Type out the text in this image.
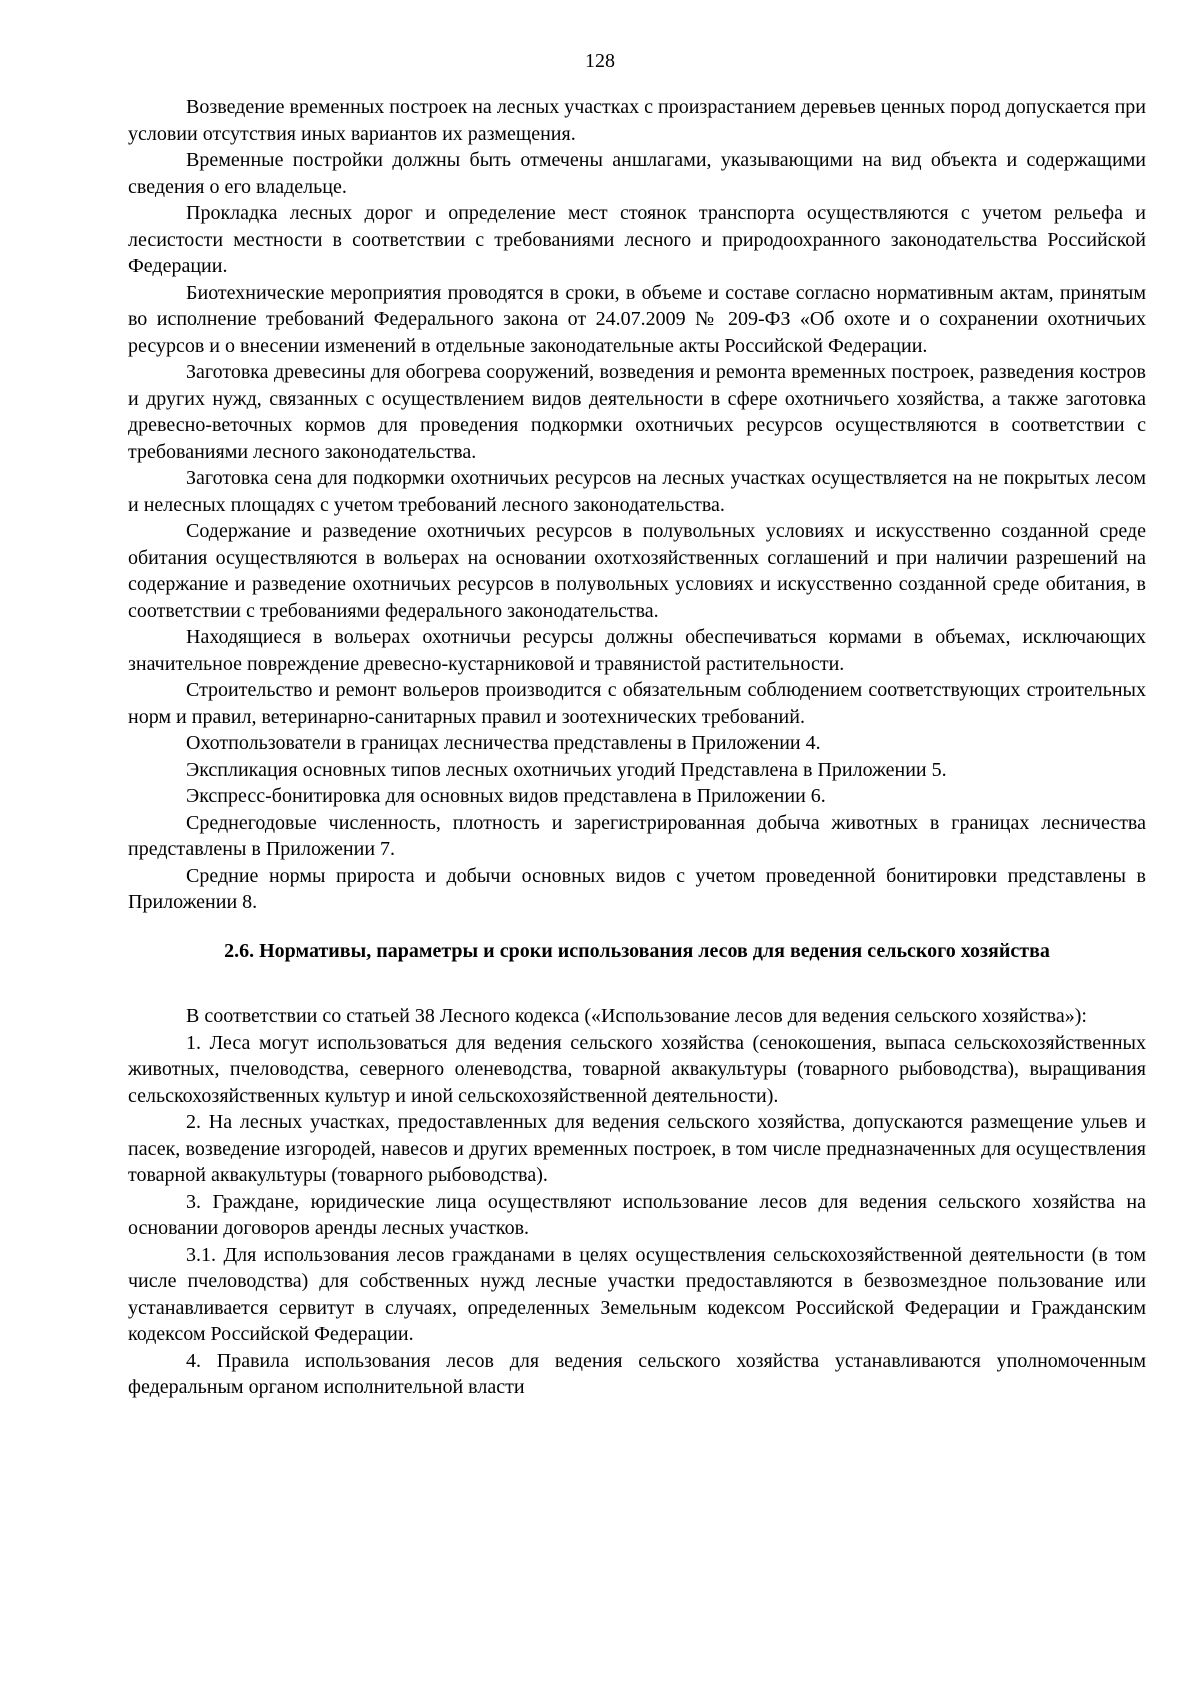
128

Возведение временных построек на лесных участках с произрастанием деревьев ценных пород допускается при условии отсутствия иных вариантов их размещения.

Временные постройки должны быть отмечены аншлагами, указывающими на вид объекта и содержащими сведения о его владельце.

Прокладка лесных дорог и определение мест стоянок транспорта осуществляются с учетом рельефа и лесистости местности в соответствии с требованиями лесного и природоохранного законодательства Российской Федерации.

Биотехнические мероприятия проводятся в сроки, в объеме и составе согласно нормативным актам, принятым во исполнение требований Федерального закона от 24.07.2009 № 209-ФЗ «Об охоте и о сохранении охотничьих ресурсов и о внесении изменений в отдельные законодательные акты Российской Федерации.

Заготовка древесины для обогрева сооружений, возведения и ремонта временных построек, разведения костров и других нужд, связанных с осуществлением видов деятельности в сфере охотничьего хозяйства, а также заготовка древесно-веточных кормов для проведения подкормки охотничьих ресурсов осуществляются в соответствии с требованиями лесного законодательства.

Заготовка сена для подкормки охотничьих ресурсов на лесных участках осуществляется на не покрытых лесом и нелесных площадях с учетом требований лесного законодательства.

Содержание и разведение охотничьих ресурсов в полувольных условиях и искусственно созданной среде обитания осуществляются в вольерах на основании охотхозяйственных соглашений и при наличии разрешений на содержание и разведение охотничьих ресурсов в полувольных условиях и искусственно созданной среде обитания, в соответствии с требованиями федерального законодательства.

Находящиеся в вольерах охотничьи ресурсы должны обеспечиваться кормами в объемах, исключающих значительное повреждение древесно-кустарниковой и травянистой растительности.

Строительство и ремонт вольеров производится с обязательным соблюдением соответствующих строительных норм и правил, ветеринарно-санитарных правил и зоотехнических требований.

Охотпользователи в границах лесничества представлены в Приложении 4.

Экспликация основных типов лесных охотничьих угодий Представлена в Приложении 5.

Экспресс-бонитировка для основных видов представлена в Приложении 6.

Среднегодовые численность, плотность и зарегистрированная добыча животных в границах лесничества представлены в Приложении 7.

Средние нормы прироста и добычи основных видов с учетом проведенной бонитировки представлены в Приложении 8.

2.6. Нормативы, параметры и сроки использования лесов для ведения сельского хозяйства

В соответствии со статьей 38 Лесного кодекса («Использование лесов для ведения сельского хозяйства»):

1. Леса могут использоваться для ведения сельского хозяйства (сенокошения, выпаса сельскохозяйственных животных, пчеловодства, северного оленеводства, товарной аквакультуры (товарного рыбоводства), выращивания сельскохозяйственных культур и иной сельскохозяйственной деятельности).

2. На лесных участках, предоставленных для ведения сельского хозяйства, допускаются размещение ульев и пасек, возведение изгородей, навесов и других временных построек, в том числе предназначенных для осуществления товарной аквакультуры (товарного рыбоводства).

3. Граждане, юридические лица осуществляют использование лесов для ведения сельского хозяйства на основании договоров аренды лесных участков.

3.1. Для использования лесов гражданами в целях осуществления сельскохозяйственной деятельности (в том числе пчеловодства) для собственных нужд лесные участки предоставляются в безвозмездное пользование или устанавливается сервитут в случаях, определенных Земельным кодексом Российской Федерации и Гражданским кодексом Российской Федерации.

4. Правила использования лесов для ведения сельского хозяйства устанавливаются уполномоченным федеральным органом исполнительной власти
